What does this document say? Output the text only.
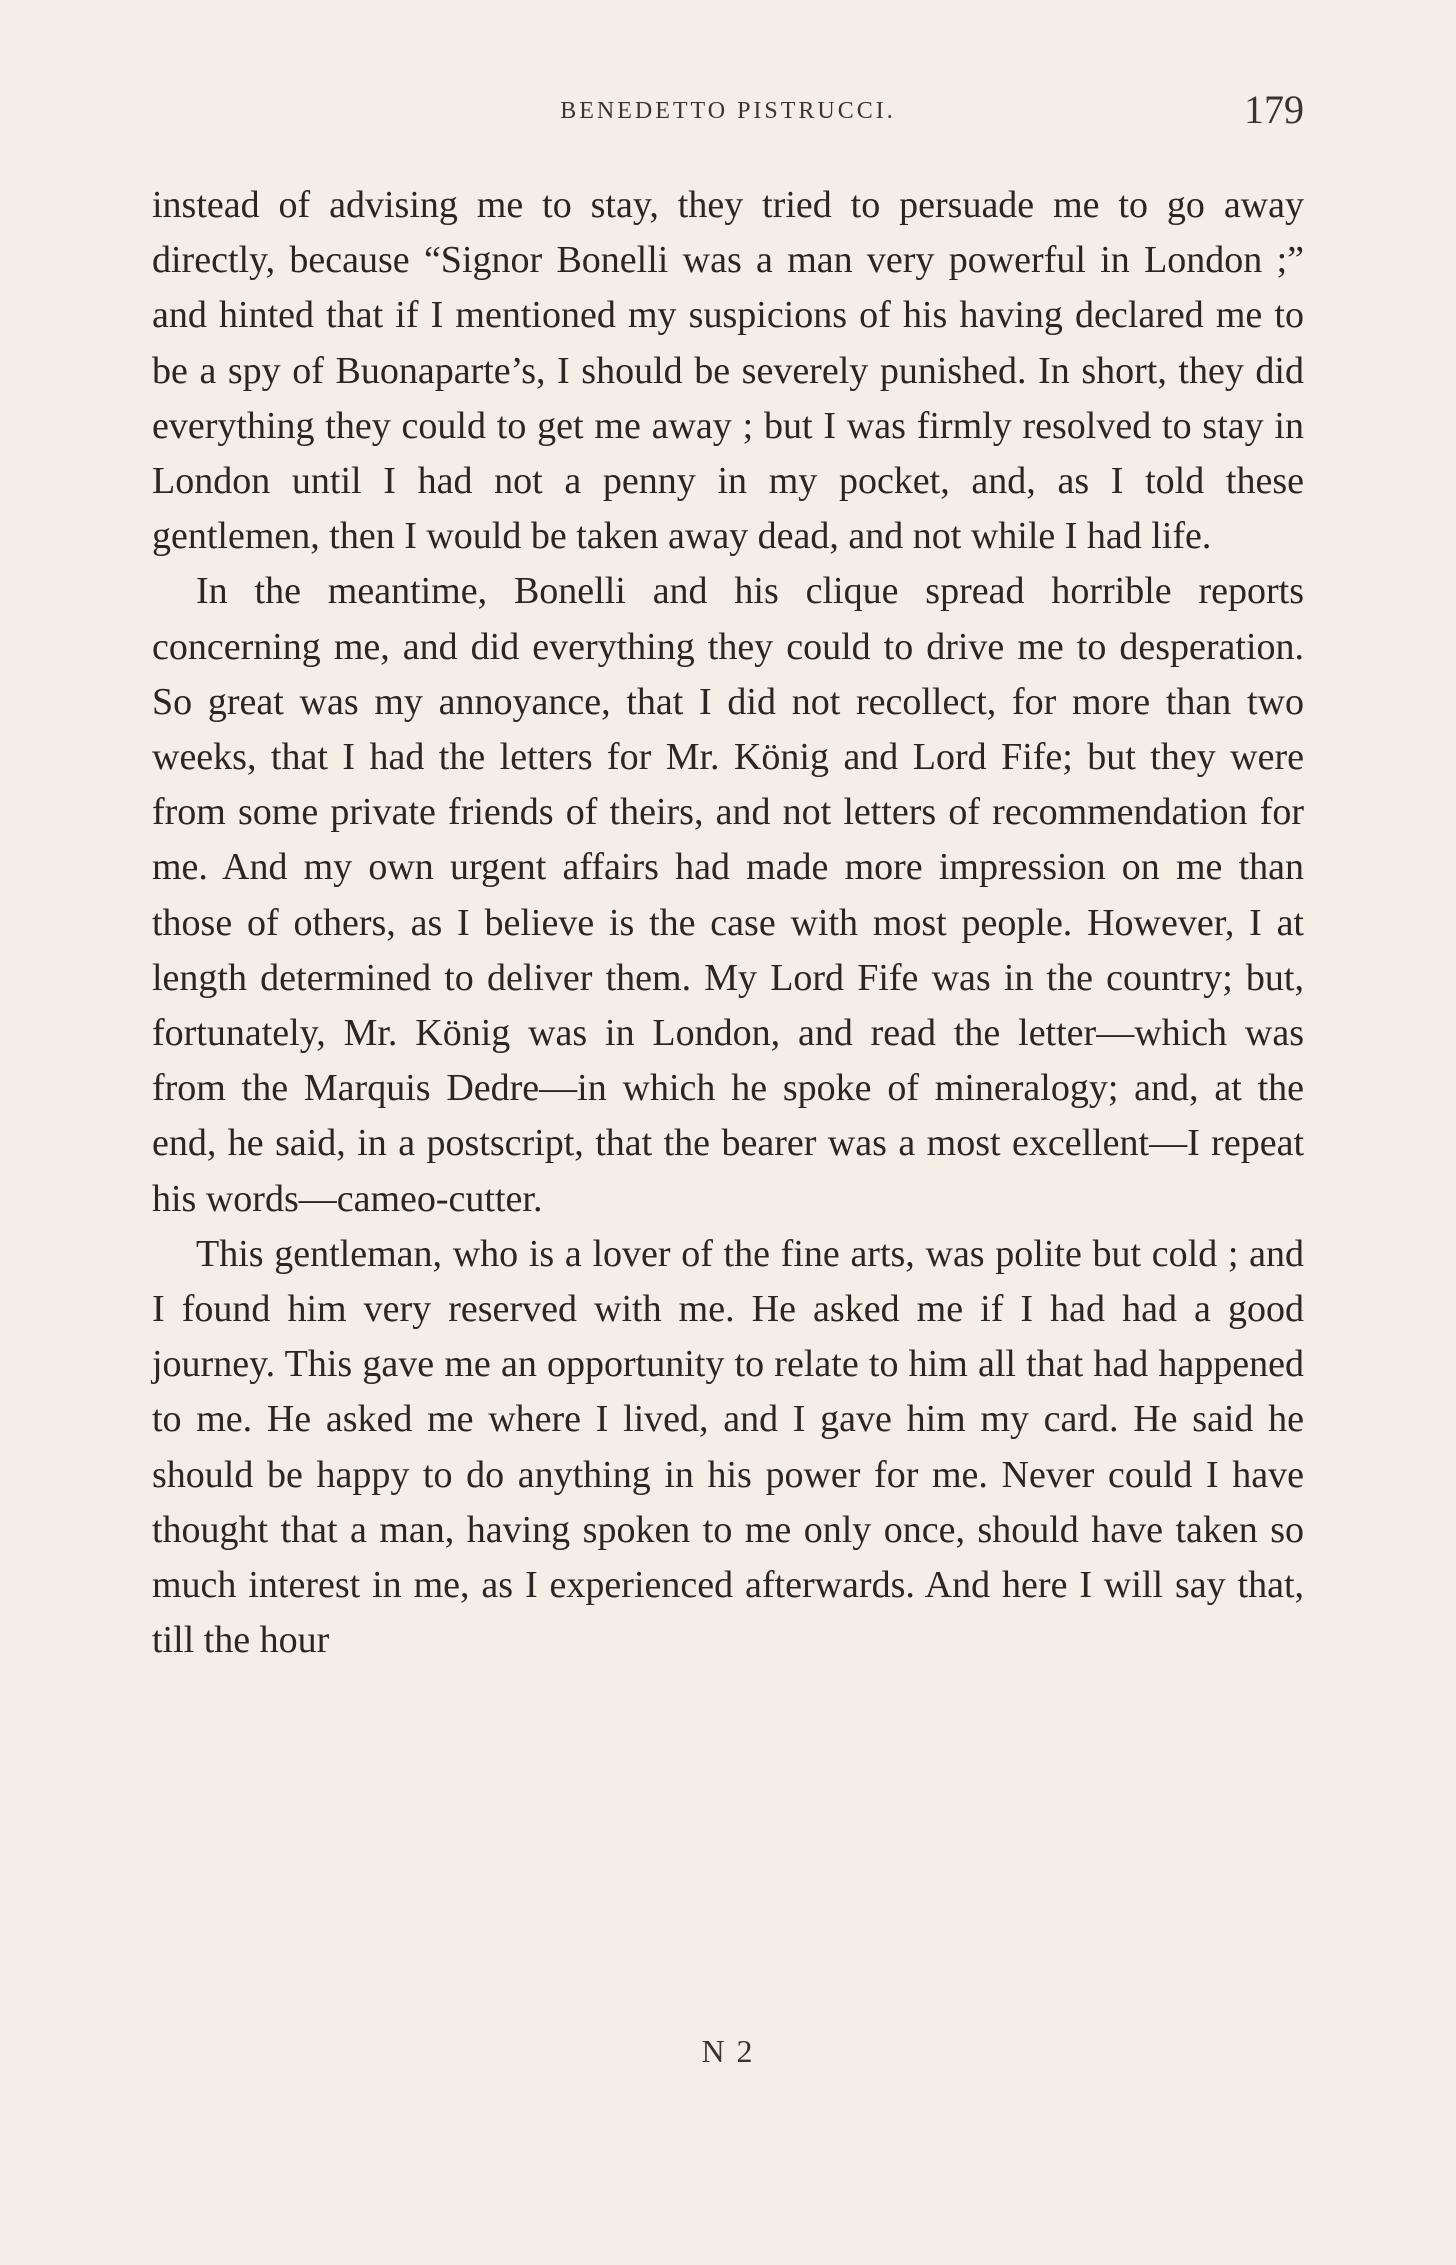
BENEDETTO PISTRUCCI.	179

instead of advising me to stay, they tried to persuade me to go away directly, because “Signor Bonelli was a man very powerful in London ;” and hinted that if I mentioned my suspicions of his having declared me to be a spy of Buonaparte’s, I should be severely punished. In short, they did everything they could to get me away ; but I was firmly resolved to stay in London until I had not a penny in my pocket, and, as I told these gentlemen, then I would be taken away dead, and not while I had life.

In the meantime, Bonelli and his clique spread horrible reports concerning me, and did everything they could to drive me to desperation. So great was my annoyance, that I did not recollect, for more than two weeks, that I had the letters for Mr. König and Lord Fife; but they were from some private friends of theirs, and not letters of recommendation for me. And my own urgent affairs had made more impression on me than those of others, as I believe is the case with most people. However, I at length determined to deliver them. My Lord Fife was in the country; but, fortunately, Mr. König was in London, and read the letter—which was from the Marquis Dedre—in which he spoke of mineralogy; and, at the end, he said, in a postscript, that the bearer was a most excellent—I repeat his words—cameo-cutter.

This gentleman, who is a lover of the fine arts, was polite but cold ; and I found him very reserved with me. He asked me if I had had a good journey. This gave me an opportunity to relate to him all that had happened to me. He asked me where I lived, and I gave him my card. He said he should be happy to do anything in his power for me. Never could I have thought that a man, having spoken to me only once, should have taken so much interest in me, as I experienced afterwards. And here I will say that, till the hour

N 2
